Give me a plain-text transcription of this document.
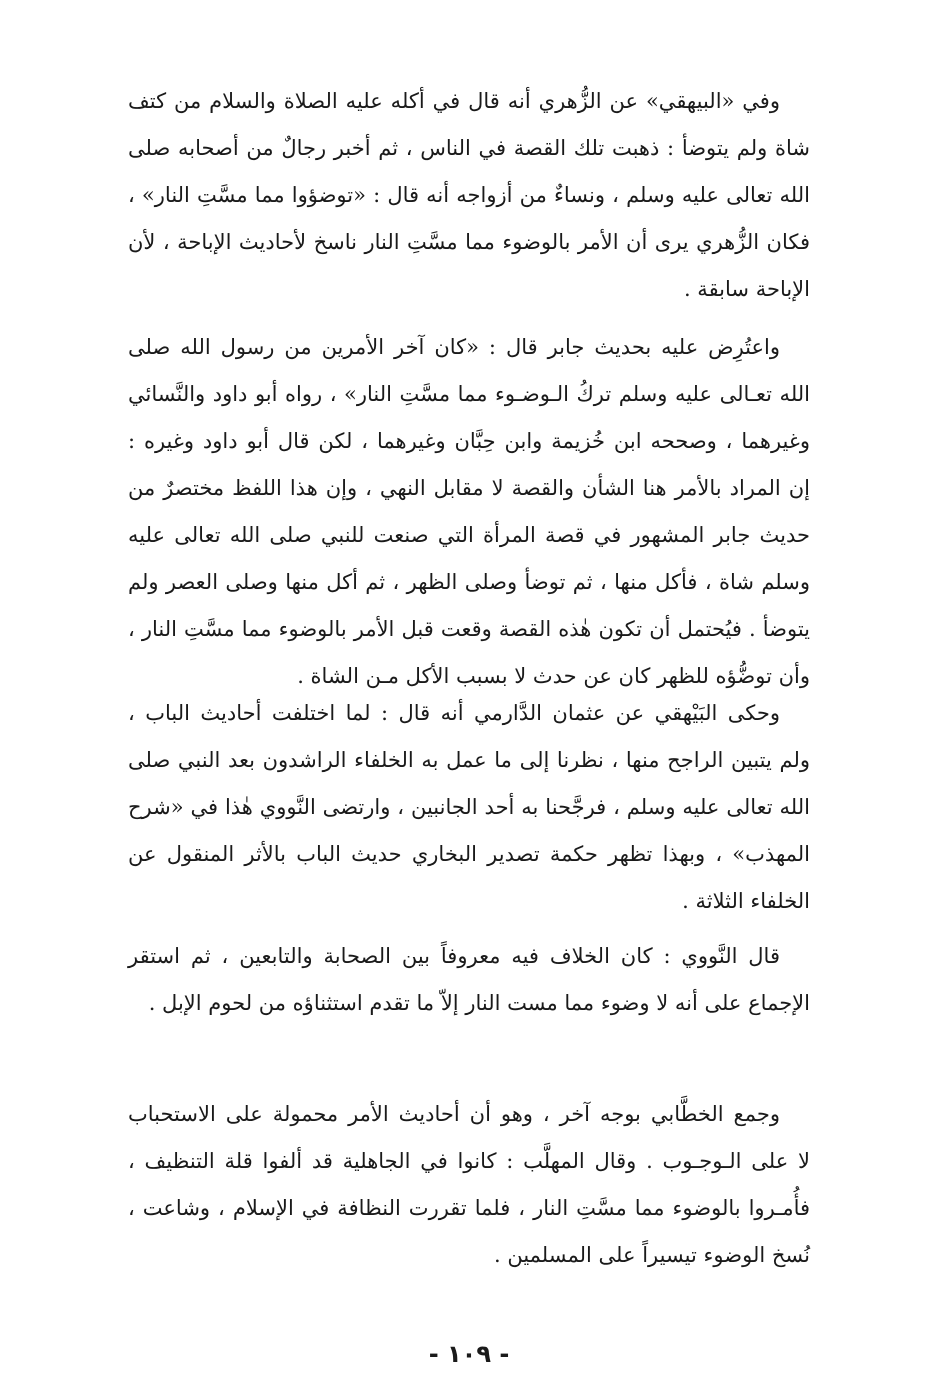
وفي «البيهقي» عن الزُّهري أنه قال في أكله عليه الصلاة والسلام من كتف
شاة ولم يتوضأ : ذهبت تلك القصة في الناس ، ثم أخبر رجالٌ من أصحابه صلى
الله تعالى عليه وسلم ، ونساءٌ من أزواجه أنه قال : «توضؤوا مما مسَّتِ النار» ،
فكان الزُّهري يرى أن الأمر بالوضوء مما مسَّتِ النار ناسخ لأحاديث الإباحة ، لأن
الإباحة سابقة .
واعتُرِض عليه بحديث جابر قال : «كان آخر الأمرين من رسول الله صلى
الله تعـالى عليه وسلم تركُ الـوضـوء مما مسَّتِ النار» ، رواه أبو داود والنَّسائي
وغيرهما ، وصححه ابن خُزيمة وابن حِبَّان وغيرهما ، لكن قال أبو داود وغيره :
إن المراد بالأمر هنا الشأن والقصة لا مقابل النهي ، وإن هذا اللفظ مختصرٌ من
حديث جابر المشهور في قصة المرأة التي صنعت للنبي صلى الله تعالى عليه
وسلم شاة ، فأكل منها ، ثم توضأ وصلى الظهر ، ثم أكل منها وصلى العصر ولم
يتوضأ . فيُحتمل أن تكون هٰذه القصة وقعت قبل الأمر بالوضوء مما مسَّتِ النار ،
وأن توضُّؤه للظهر كان عن حدث لا بسبب الأكل مـن الشاة .
وحكى البَيْهقي عن عثمان الدَّارمي أنه قال : لما اختلفت أحاديث الباب ،
ولم يتبين الراجح منها ، نظرنا إلى ما عمل به الخلفاء الراشدون بعد النبي صلى
الله تعالى عليه وسلم ، فرجَّحنا به أحد الجانبين ، وارتضى النَّووي هٰذا في «شرح
المهذب» ، وبهذا تظهر حكمة تصدير البخاري حديث الباب بالأثر المنقول عن
الخلفاء الثلاثة .
قال النَّووي : كان الخلاف فيه معروفاً بين الصحابة والتابعين ، ثم استقر
الإجماع على أنه لا وضوء مما مست النار إلاّ ما تقدم استثناؤه من لحوم الإبل .
وجمع الخطَّابي بوجه آخر ، وهو أن أحاديث الأمر محمولة على الاستحباب
لا على الـوجـوب . وقال المهلَّب : كانوا في الجاهلية قد ألفوا قلة التنظيف ،
فأُمـروا بالوضوء مما مسَّتِ النار ، فلما تقررت النظافة في الإسلام ، وشاعت ،
نُسخ الوضوء تيسيراً على المسلمين .
- ١٠٩ -
